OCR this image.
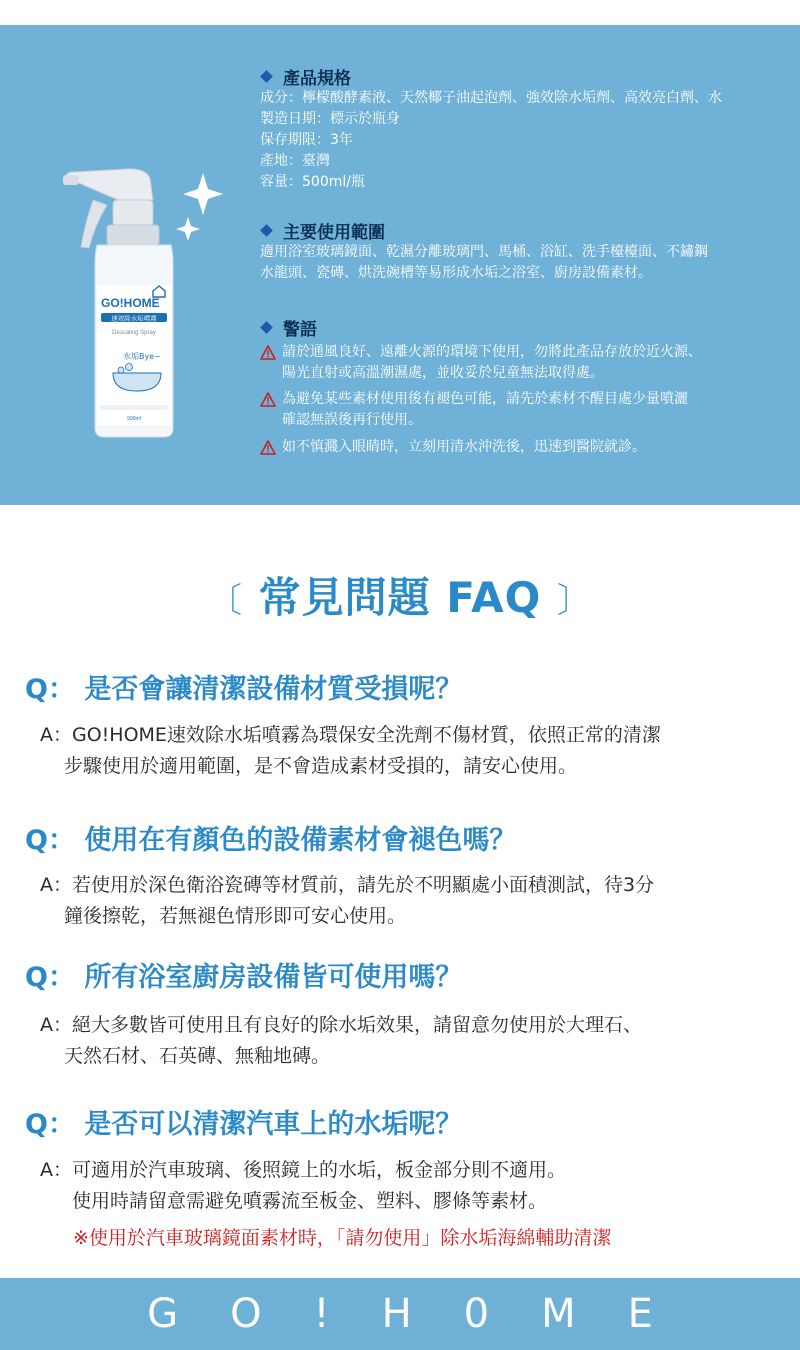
GO!HOME
速效除水垢噴霧
Descaling Spray
水垢Bye~
500ml
產品規格
成分：檸檬酸酵素液、天然椰子油起泡劑、強效除水垢劑、高效亮白劑、水
製造日期：標示於瓶身
保存期限：3年
產地：臺灣
容量：500ml/瓶
主要使用範圍
適用浴室玻璃鏡面、乾濕分離玻璃門、馬桶、浴缸、洗手檯檯面、不鏽鋼
水龍頭、瓷磚、烘洗碗槽等易形成水垢之浴室、廚房設備素材。
警語
請於通風良好、遠離火源的環境下使用，勿將此產品存放於近火源、
陽光直射或高溫潮濕處，並收妥於兒童無法取得處。
為避免某些素材使用後有褪色可能，請先於素材不醒目處少量噴灑
確認無誤後再行使用。
如不慎濺入眼睛時，立刻用清水沖洗後，迅速到醫院就診。
〔 常見問題 FAQ 〕
Q： 是否會讓清潔設備材質受損呢？
A：GO!HOME速效除水垢噴霧為環保安全洗劑不傷材質，依照正常的清潔
步驟使用於適用範圍，是不會造成素材受損的，請安心使用。
Q： 使用在有顏色的設備素材會褪色嗎？
A：若使用於深色衛浴瓷磚等材質前，請先於不明顯處小面積測試，待3分
鐘後擦乾，若無褪色情形即可安心使用。
Q： 所有浴室廚房設備皆可使用嗎？
A：絕大多數皆可使用且有良好的除水垢效果，請留意勿使用於大理石、
天然石材、石英磚、無釉地磚。
Q： 是否可以清潔汽車上的水垢呢？
A：可適用於汽車玻璃、後照鏡上的水垢，板金部分則不適用。
使用時請留意需避免噴霧流至板金、塑料、膠條等素材。
※使用於汽車玻璃鏡面素材時，「請勿使用」除水垢海綿輔助清潔
GO!H0ME
